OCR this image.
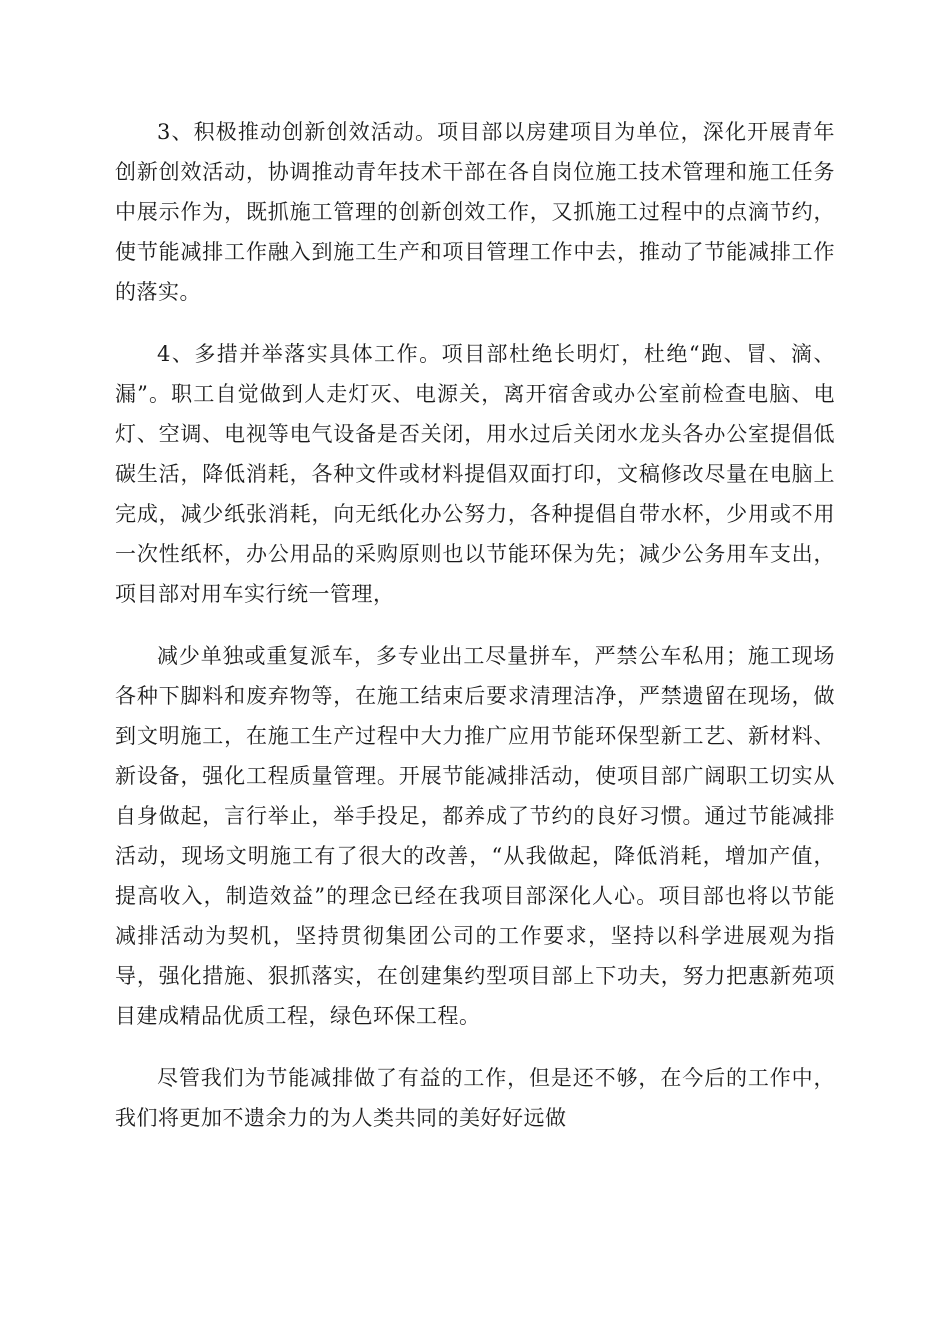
3、积极推动创新创效活动。项目部以房建项目为单位，深化开展青年创新创效活动，协调推动青年技术干部在各自岗位施工技术管理和施工任务中展示作为，既抓施工管理的创新创效工作，又抓施工过程中的点滴节约，使节能减排工作融入到施工生产和项目管理工作中去，推动了节能减排工作的落实。

4、多措并举落实具体工作。项目部杜绝长明灯，杜绝“跑、冒、滴、漏”。职工自觉做到人走灯灭、电源关，离开宿舍或办公室前检查电脑、电灯、空调、电视等电气设备是否关闭，用水过后关闭水龙头各办公室提倡低碳生活，降低消耗，各种文件或材料提倡双面打印，文稿修改尽量在电脑上完成，减少纸张消耗，向无纸化办公努力，各种提倡自带水杯，少用或不用一次性纸杯，办公用品的采购原则也以节能环保为先；减少公务用车支出，项目部对用车实行统一管理，

减少单独或重复派车，多专业出工尽量拼车，严禁公车私用；施工现场各种下脚料和废弃物等，在施工结束后要求清理洁净，严禁遗留在现场，做到文明施工，在施工生产过程中大力推广应用节能环保型新工艺、新材料、新设备，强化工程质量管理。开展节能减排活动，使项目部广阔职工切实从自身做起，言行举止，举手投足，都养成了节约的良好习惯。通过节能减排活动，现场文明施工有了很大的改善，“从我做起，降低消耗，增加产值，提高收入，制造效益”的理念已经在我项目部深化人心。项目部也将以节能减排活动为契机，坚持贯彻集团公司的工作要求，坚持以科学进展观为指导，强化措施、狠抓落实，在创建集约型项目部上下功夫，努力把惠新苑项目建成精品优质工程，绿色环保工程。

尽管我们为节能减排做了有益的工作，但是还不够，在今后的工作中，我们将更加不遗余力的为人类共同的美好好远做
